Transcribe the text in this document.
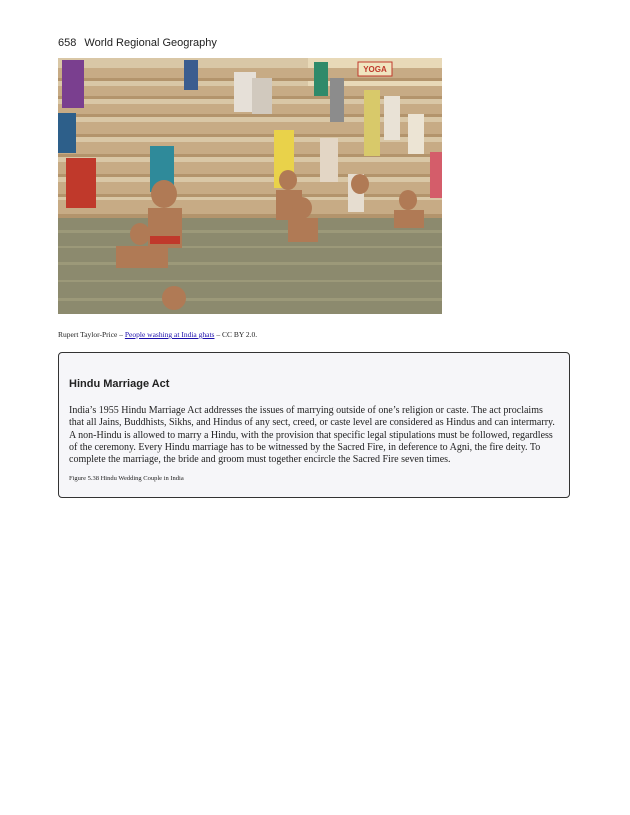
658 World Regional Geography
YOGA
Rupert Taylor-Price – People washing at India ghats – CC BY 2.0.
Hindu Marriage Act
India’s 1955 Hindu Marriage Act addresses the issues of marrying outside of one’s religion or caste. The act proclaims that all Jains, Buddhists, Sikhs, and Hindus of any sect, creed, or caste level are considered as Hindus and can intermarry. A non-Hindu is allowed to marry a Hindu, with the provision that specific legal stipulations must be followed, regardless of the ceremony. Every Hindu marriage has to be witnessed by the Sacred Fire, in deference to Agni, the fire deity. To complete the marriage, the bride and groom must together encircle the Sacred Fire seven times.
Figure 5.38 Hindu Wedding Couple in India
